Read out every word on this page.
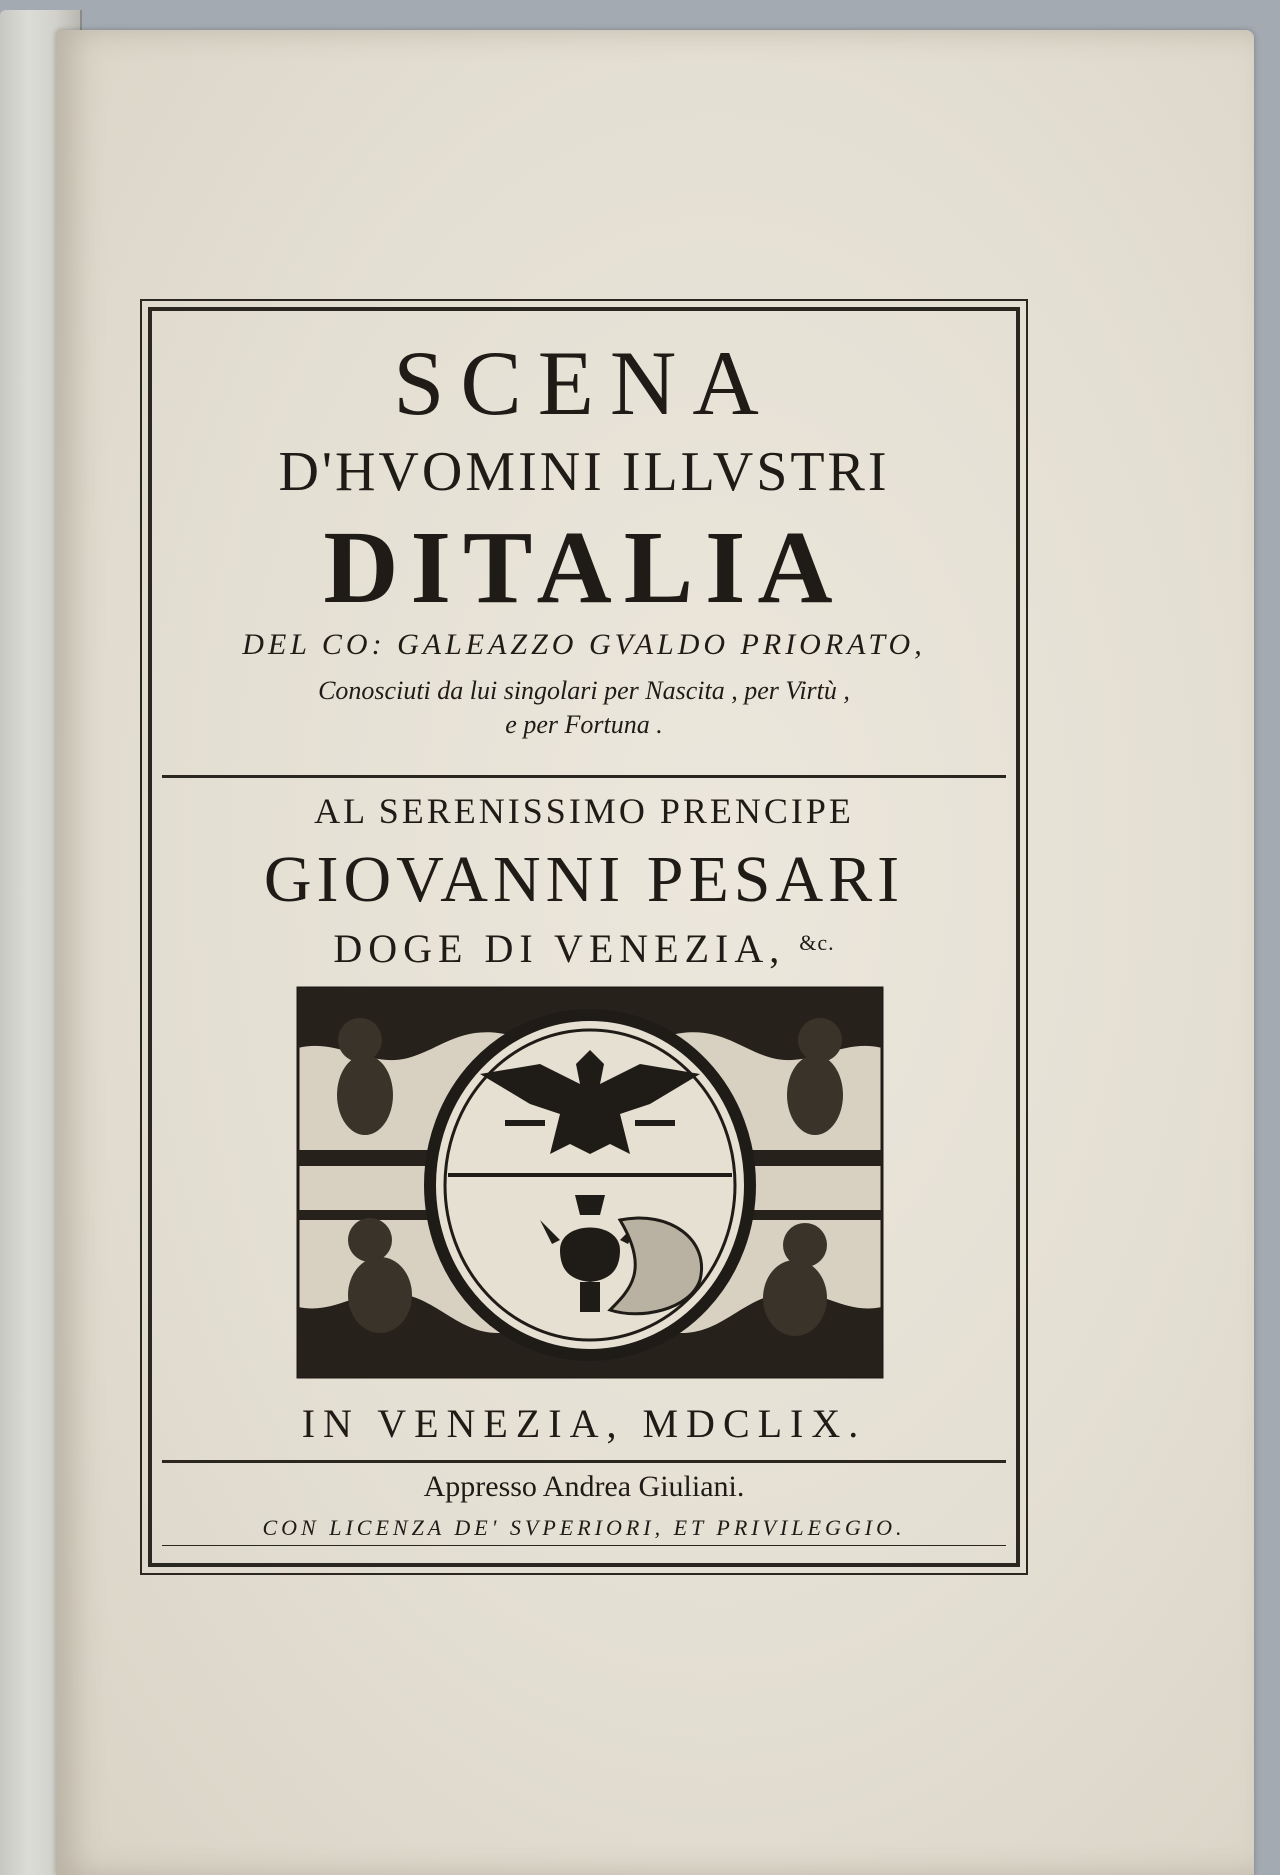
SCENA
D'HVOMINI ILLVSTRI
DITALIA
DEL CO: GALEAZZO GVALDO PRIORATO,
Conosciuti da lui singolari per Nascita , per Virtù ,
e per Fortuna .
AL SERENISSIMO PRENCIPE
GIOVANNI PESARI
DOGE DI VENEZIA, $^{\&c.}$
IN VENEZIA, MDCLIX.
Appresso Andrea Giuliani.
CON LICENZA DE' SVPERIORI, ET PRIVILEGGIO.
